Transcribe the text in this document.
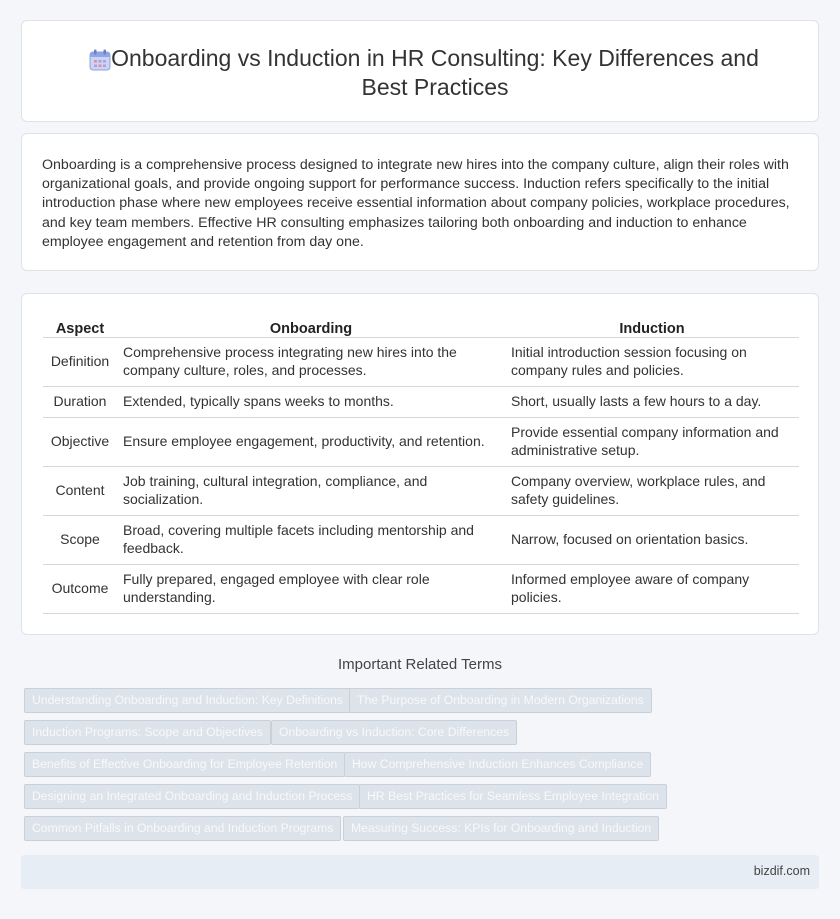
Onboarding vs Induction in HR Consulting: Key Differences and Best Practices

Onboarding is a comprehensive process designed to integrate new hires into the company culture, align their roles with organizational goals, and provide ongoing support for performance success. Induction refers specifically to the initial introduction phase where new employees receive essential information about company policies, workplace procedures, and key team members. Effective HR consulting emphasizes tailoring both onboarding and induction to enhance employee engagement and retention from day one.

Aspect	Onboarding	Induction
Definition	Comprehensive process integrating new hires into the company culture, roles, and processes.	Initial introduction session focusing on company rules and policies.
Duration	Extended, typically spans weeks to months.	Short, usually lasts a few hours to a day.
Objective	Ensure employee engagement, productivity, and retention.	Provide essential company information and administrative setup.
Content	Job training, cultural integration, compliance, and socialization.	Company overview, workplace rules, and safety guidelines.
Scope	Broad, covering multiple facets including mentorship and feedback.	Narrow, focused on orientation basics.
Outcome	Fully prepared, engaged employee with clear role understanding.	Informed employee aware of company policies.
Important Related Terms
Understanding Onboarding and Induction: Key Definitions	The Purpose of Onboarding in Modern Organizations
Induction Programs: Scope and Objectives	Onboarding vs Induction: Core Differences
Benefits of Effective Onboarding for Employee Retention	How Comprehensive Induction Enhances Compliance
Designing an Integrated Onboarding and Induction Process	HR Best Practices for Seamless Employee Integration
Common Pitfalls in Onboarding and Induction Programs	Measuring Success: KPIs for Onboarding and Induction
bizdif.com
